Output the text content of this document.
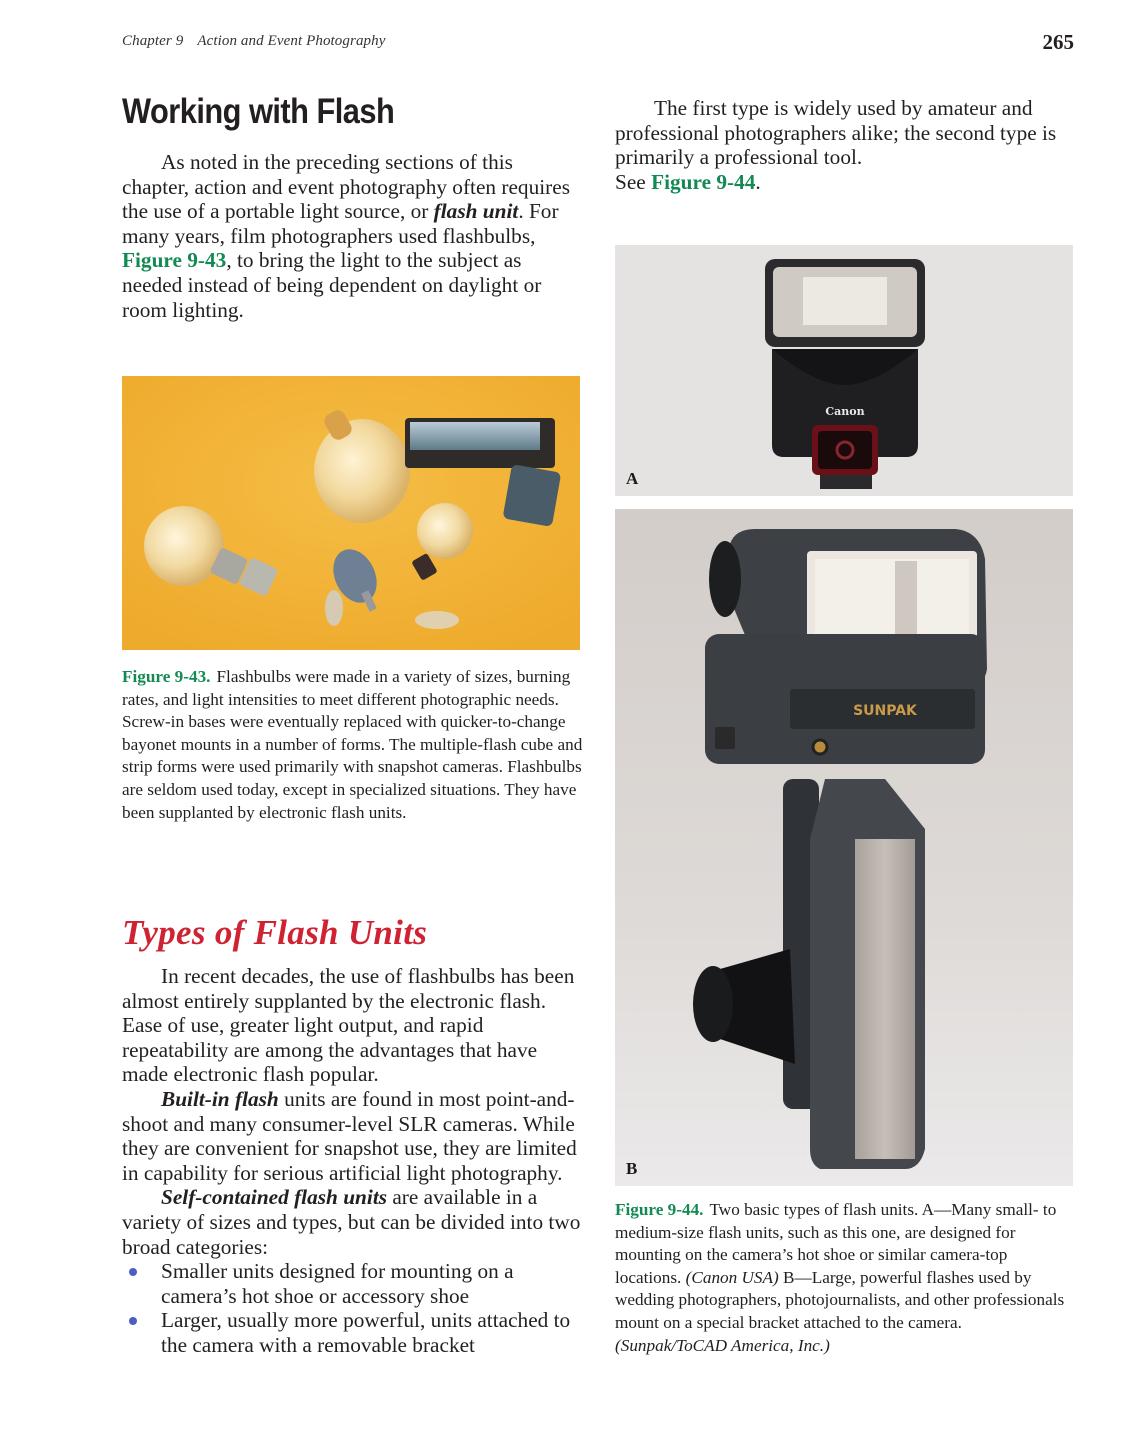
Chapter 9 Action and Event Photography	265
Working with Flash

As noted in the preceding sections of this chapter, action and event photography often requires the use of a portable light source, or flash unit. For many years, film photographers used flashbulbs, Figure 9-43, to bring the light to the subject as needed instead of being dependent on daylight or room lighting.

Figure 9-43. Flashbulbs were made in a variety of sizes, burning rates, and light intensities to meet different photographic needs. Screw-in bases were eventually replaced with quicker-to-change bayonet mounts in a number of forms. The multiple-flash cube and strip forms were used primarily with snapshot cameras. Flashbulbs are seldom used today, except in specialized situations. They have been supplanted by electronic flash units.
Types of Flash Units

In recent decades, the use of flashbulbs has been almost entirely supplanted by the electronic flash. Ease of use, greater light output, and rapid repeatability are among the advantages that have made electronic flash popular.

Built-in flash units are found in most point-and-shoot and many consumer-level SLR cameras. While they are convenient for snapshot use, they are limited in capability for serious artificial light photography.

Self-contained flash units are available in a variety of sizes and types, but can be divided into two broad categories:

Smaller units designed for mounting on a camera’s hot shoe or accessory shoe
Larger, usually more powerful, units attached to the camera with a removable bracket

The first type is widely used by amateur and professional photographers alike; the second type is primarily a professional tool.

See Figure 9-44.

Canon
A
SUNPAK
B
Figure 9-44. Two basic types of flash units. A—Many small- to medium-size flash units, such as this one, are designed for mounting on the camera’s hot shoe or similar camera-top locations. (Canon USA) B—Large, powerful flashes used by wedding photographers, photojournalists, and other professionals mount on a special bracket attached to the camera. (Sunpak/ToCAD America, Inc.)
